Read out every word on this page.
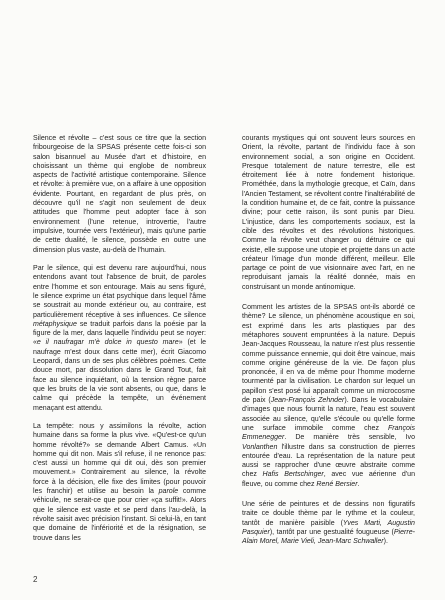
Silence et révolte – c'est sous ce titre que la section fribourgeoise de la SPSAS présente cette fois-ci son salon bisannuel au Musée d'art et d'histoire, en choisissant un thème qui englobe de nombreux aspects de l'activité artistique contemporaine. Silence et révolte: à première vue, on a affaire à une opposition évidente. Pourtant, en regardant de plus près, on découvre qu'il ne s'agit non seulement de deux attitudes que l'homme peut adopter face à son environnement (l'une retenue, introvertie, l'autre impulsive, tournée vers l'extérieur), mais qu'une partie de cette dualité, le silence, possède en outre une dimension plus vaste, au-delà de l'humain.

Par le silence, qui est devenu rare aujourd'hui, nous entendons avant tout l'absence de bruit, de paroles entre l'homme et son entourage. Mais au sens figuré, le silence exprime un état psychique dans lequel l'âme se soustrait au monde extérieur ou, au contraire, est particulièrement réceptive à ses influences. Ce silence métaphysique se traduit parfois dans la poésie par la figure de la mer, dans laquelle l'individu peut se noyer: «e il naufragar m'è dolce in questo mare» (et le naufrage m'est doux dans cette mer), écrit Giacomo Leopardi, dans un de ses plus célèbres poèmes. Cette douce mort, par dissolution dans le Grand Tout, fait face au silence inquiétant, où la tension règne parce que les bruits de la vie sont absents, ou que, dans le calme qui précède la tempête, un événement menaçant est attendu.

La tempête: nous y assimilons la révolte, action humaine dans sa forme la plus vive. «Qu'est-ce qu'un homme révolté?» se demande Albert Camus. «Un homme qui dit non. Mais s'il refuse, il ne renonce pas: c'est aussi un homme qui dit oui, dès son premier mouvement.» Contrairement au silence, la révolte force à la décision, elle fixe des limites (pour pouvoir les franchir) et utilise au besoin la parole comme véhicule, ne serait-ce que pour crier «ça suffit!». Alors que le silence est vaste et se perd dans l'au-delà, la révolte saisit avec précision l'instant. Si celui-là, en tant que domaine de l'infériorité et de la résignation, se trouve dans les

courants mystiques qui ont souvent leurs sources en Orient, la révolte, partant de l'individu face à son environnement social, a son origine en Occident. Presque totalement de nature terrestre, elle est étroitement liée à notre fondement historique. Prométhée, dans la mythologie grecque, et Caïn, dans l'Ancien Testament, se révoltent contre l'inaltérabilité de la condition humaine et, de ce fait, contre la puissance divine; pour cette raison, ils sont punis par Dieu. L'injustice, dans les comportements sociaux, est la cible des révoltes et des révolutions historiques. Comme la révolte veut changer ou détruire ce qui existe, elle suppose une utopie et projette dans un acte créateur l'image d'un monde différent, meilleur. Elle partage ce point de vue visionnaire avec l'art, en ne reproduisant jamais la réalité donnée, mais en construisant un monde antinomique.

Comment les artistes de la SPSAS ont-ils abordé ce thème? Le silence, un phénomène acoustique en soi, est exprimé dans les arts plastiques par des métaphores souvent empruntées à la nature. Depuis Jean-Jacques Rousseau, la nature n'est plus ressentie comme puissance ennemie, qui doit être vaincue, mais comme origine généreuse de la vie. De façon plus prononcée, il en va de même pour l'homme moderne tourmenté par la civilisation. Le chardon sur lequel un papillon s'est posé lui apparaît comme un microcosme de paix (Jean-François Zehnder). Dans le vocabulaire d'images que nous fournit la nature, l'eau est souvent associée au silence, qu'elle s'écoule ou qu'elle forme une surface immobile comme chez François Emmenegger. De manière très sensible, Ivo Vonlanthen l'illustre dans sa construction de pierres entourée d'eau. La représentation de la nature peut aussi se rapprocher d'une œuvre abstraite comme chez Hafis Bertschinger, avec vue aérienne d'un fleuve, ou comme chez René Bersier.

Une série de peintures et de dessins non figuratifs traite ce double thème par le rythme et la couleur, tantôt de manière paisible (Yves Marti, Augustin Pasquier), tantôt par une gestualité fougueuse (Pierre-Alain Morel, Marie Vieli, Jean-Marc Schwaller).

2
